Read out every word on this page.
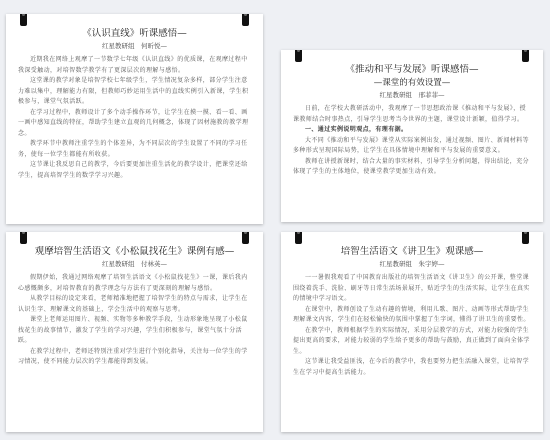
《认识直线》听课感悟—
红星教研组　何昕悦—

近期我在网络上观摩了一节数学七年级《认识直线》的优质课，在观摩过程中我深受触动，对培智数学教学有了更深层次的理解与感悟。

这堂课的教学对象是培智学校七年级学生，学生情况复杂多样，部分学生注意力难以集中，理解能力有限，但教师巧妙运用生活中的直线实例引入新课，学生积极参与，课堂气氛活跃。

在学习过程中，教师设计了多个动手操作环节，让学生在摸一摸、看一看、画一画中感知直线的特征，帮助学生建立直观的几何概念，体现了因材施教的教学理念。

教学环节中教师注重学生的个体差异，为不同层次的学生设置了不同的学习任务，使每一位学生都能有所收获。

这节课让我反思自己的教学，今后要更加注重生活化的教学设计，把课堂还给学生，提高培智学生的数学学习兴趣。

《推动和平与发展》听课感悟—
—课堂的有效设置—
红星教研组　邢菲菲—

日前，在学校大教研活动中，我观摩了一节思想政治课《推动和平与发展》，授课教师结合时事热点，引导学生思考当今世界的主题，课堂设计新颖，值得学习。

一、通过实例说明观点，有理有据。

大不同《推动和平与发展》课堂从实际案例出发，通过视频、图片、新闻材料等多种形式呈现国际局势，让学生在具体情境中理解和平与发展的重要意义。

教师在讲授新课时，结合大量的事实材料，引导学生分析问题，得出结论，充分体现了学生的主体地位，使课堂教学更加生动有效。

观摩培智生活语文《小松鼠找花生》课例有感—
红星教研组　付林英—

假期伊始，我通过网络观摩了培智生活语文《小松鼠找花生》一课，课后我内心感慨颇多，对培智教育的教学理念与方法有了更深刻的理解与感悟。

从教学目标的设定来看，老师精准地把握了培智学生的特点与需求，让学生在认识生字、理解课文的基础上，学会生活中的观察与思考。

课堂上老师运用图片、视频、实物等多种教学手段，生动形象地呈现了小松鼠找花生的故事情节，激发了学生的学习兴趣，学生们积极参与，课堂气氛十分活跃。

在教学过程中，老师还特别注重对学生进行个别化指导，关注每一位学生的学习情况，使不同能力层次的学生都能得到发展。

培智生活语文《讲卫生》观课感—
红星教研组　朱宇婷—

一一暑假我观看了中国教育出版社的培智生活语文《讲卫生》的公开课，整堂课围绕着洗手、洗脸、刷牙等日常生活场景展开，贴近学生的生活实际，让学生在真实的情境中学习语文。

在课堂中，教师创设了生动有趣的情境，利用儿歌、图片、动画等形式帮助学生理解课文内容，学生们在轻松愉快的氛围中掌握了生字词，懂得了讲卫生的重要性。

在教学中，教师根据学生的实际情况，采用分层教学的方式，对能力较强的学生提出更高的要求，对能力较弱的学生给予更多的帮助与鼓励，真正做到了面向全体学生。

这节课让我受益匪浅，在今后的教学中，我也要努力把生活融入课堂，让培智学生在学习中提高生活能力。
